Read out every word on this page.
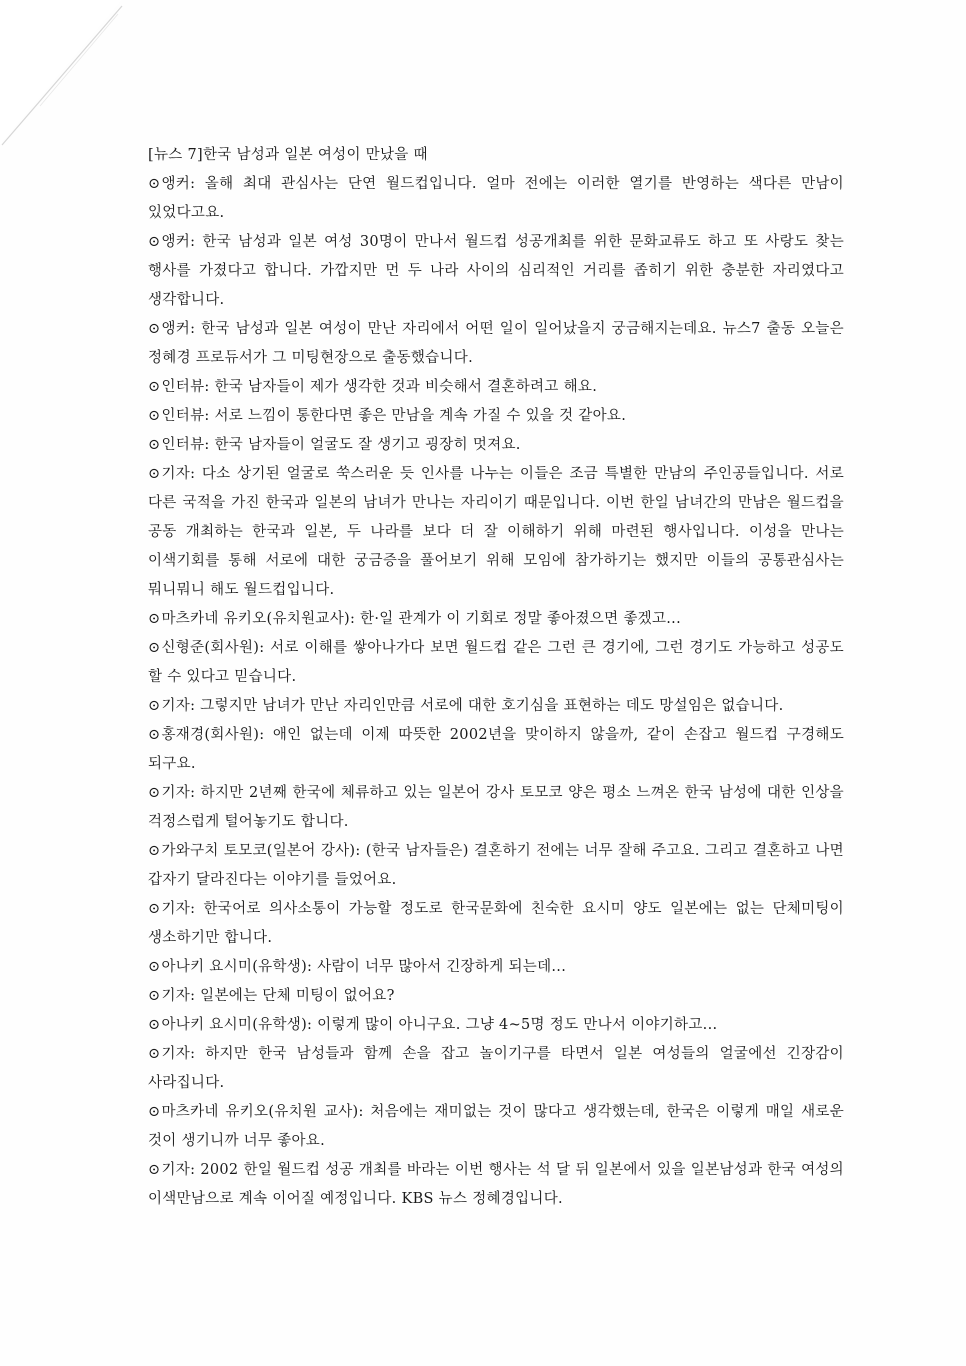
[뉴스 7]한국 남성과 일본 여성이 만났을 때

⊙앵커: 올해 최대 관심사는 단연 월드컵입니다. 얼마 전에는 이러한 열기를 반영하는 색다른 만남이 있었다고요.

⊙앵커: 한국 남성과 일본 여성 30명이 만나서 월드컵 성공개최를 위한 문화교류도 하고 또 사랑도 찾는 행사를 가졌다고 합니다. 가깝지만 먼 두 나라 사이의 심리적인 거리를 좁히기 위한 충분한 자리였다고 생각합니다.

⊙앵커: 한국 남성과 일본 여성이 만난 자리에서 어떤 일이 일어났을지 궁금해지는데요. 뉴스7 출동 오늘은 정혜경 프로듀서가 그 미팅현장으로 출동했습니다.

⊙인터뷰: 한국 남자들이 제가 생각한 것과 비슷해서 결혼하려고 해요.

⊙인터뷰: 서로 느낌이 통한다면 좋은 만남을 계속 가질 수 있을 것 같아요.

⊙인터뷰: 한국 남자들이 얼굴도 잘 생기고 굉장히 멋져요.

⊙기자: 다소 상기된 얼굴로 쑥스러운 듯 인사를 나누는 이들은 조금 특별한 만남의 주인공들입니다. 서로 다른 국적을 가진 한국과 일본의 남녀가 만나는 자리이기 때문입니다. 이번 한일 남녀간의 만남은 월드컵을 공동 개최하는 한국과 일본, 두 나라를 보다 더 잘 이해하기 위해 마련된 행사입니다. 이성을 만나는 이색기회를 통해 서로에 대한 궁금증을 풀어보기 위해 모임에 참가하기는 했지만 이들의 공통관심사는 뭐니뭐니 해도 월드컵입니다.

⊙마츠카네 유키오(유치원교사): 한·일 관계가 이 기회로 정말 좋아졌으면 좋겠고...

⊙신형준(회사원): 서로 이해를 쌓아나가다 보면 월드컵 같은 그런 큰 경기에, 그런 경기도 가능하고 성공도 할 수 있다고 믿습니다.

⊙기자: 그렇지만 남녀가 만난 자리인만큼 서로에 대한 호기심을 표현하는 데도 망설임은 없습니다.

⊙홍재경(회사원): 애인 없는데 이제 따뜻한 2002년을 맞이하지 않을까, 같이 손잡고 월드컵 구경해도 되구요.

⊙기자: 하지만 2년째 한국에 체류하고 있는 일본어 강사 토모코 양은 평소 느껴온 한국 남성에 대한 인상을 걱정스럽게 털어놓기도 합니다.

⊙가와구치 토모코(일본어 강사): (한국 남자들은) 결혼하기 전에는 너무 잘해 주고요. 그리고 결혼하고 나면 갑자기 달라진다는 이야기를 들었어요.

⊙기자: 한국어로 의사소통이 가능할 정도로 한국문화에 친숙한 요시미 양도 일본에는 없는 단체미팅이 생소하기만 합니다.

⊙아나키 요시미(유학생): 사람이 너무 많아서 긴장하게 되는데...

⊙기자: 일본에는 단체 미팅이 없어요?

⊙아나키 요시미(유학생): 이렇게 많이 아니구요. 그냥 4~5명 정도 만나서 이야기하고...

⊙기자: 하지만 한국 남성들과 함께 손을 잡고 놀이기구를 타면서 일본 여성들의 얼굴에선 긴장감이 사라집니다.

⊙마츠카네 유키오(유치원 교사): 처음에는 재미없는 것이 많다고 생각했는데, 한국은 이렇게 매일 새로운 것이 생기니까 너무 좋아요.

⊙기자: 2002 한일 월드컵 성공 개최를 바라는 이번 행사는 석 달 뒤 일본에서 있을 일본남성과 한국 여성의 이색만남으로 계속 이어질 예정입니다. KBS 뉴스 정혜경입니다.
